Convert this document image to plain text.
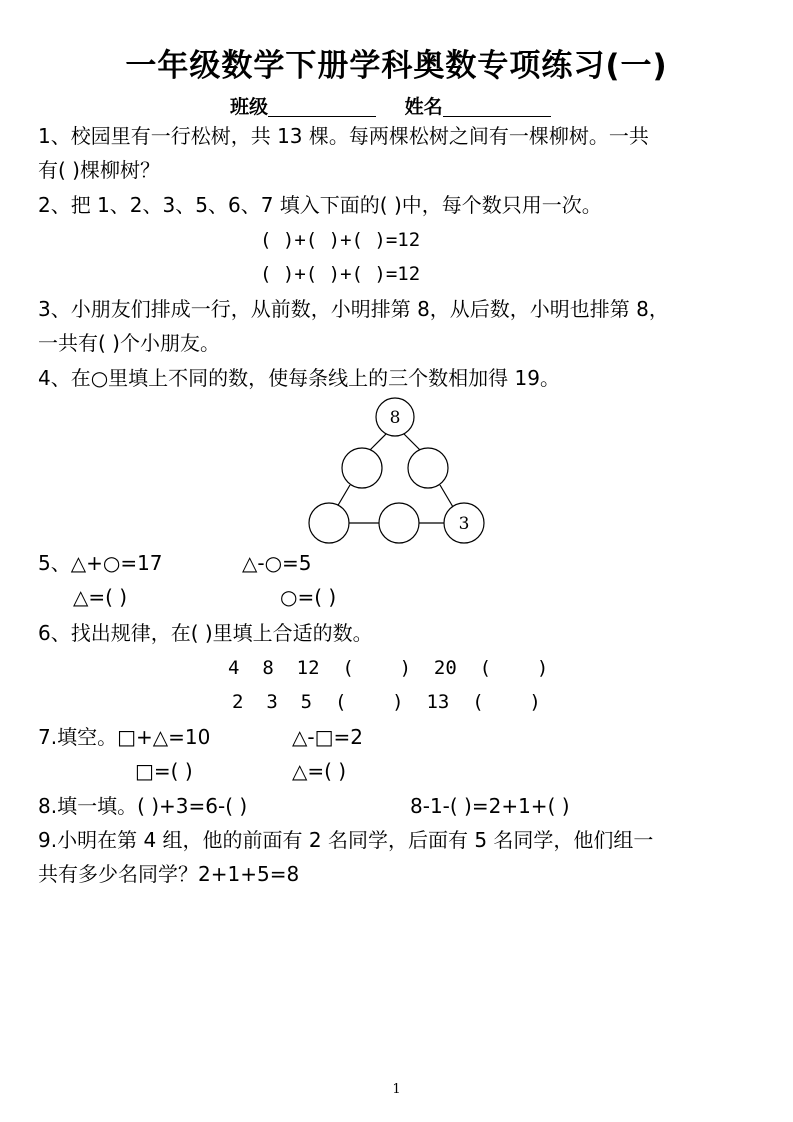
一年级数学下册学科奥数专项练习(一)
班级	姓名
1、校园里有一行松树，共 13 棵。每两棵松树之间有一棵柳树。一共
有( )棵柳树？
2、把 1、2、3、5、6、7 填入下面的( )中，每个数只用一次。
( )+( )+( )=12
( )+( )+( )=12
3、小朋友们排成一行，从前数，小明排第 8，从后数，小明也排第 8，
一共有( )个小朋友。
4、在○里填上不同的数，使每条线上的三个数相加得 19。
8
3
5、△+○=17	△-○=5
△=( )	○=( )
6、找出规律，在( )里填上合适的数。
4  8  12  (    )  20  (    )
2  3  5  (    )  13  (    )
7.填空。□+△=10	△-□=2
□=( )	△=( )
8.填一填。( )+3=6-( )	8-1-( )=2+1+( )
9.小明在第 4 组，他的前面有 2 名同学，后面有 5 名同学，他们组一
共有多少名同学？2+1+5=8
1
